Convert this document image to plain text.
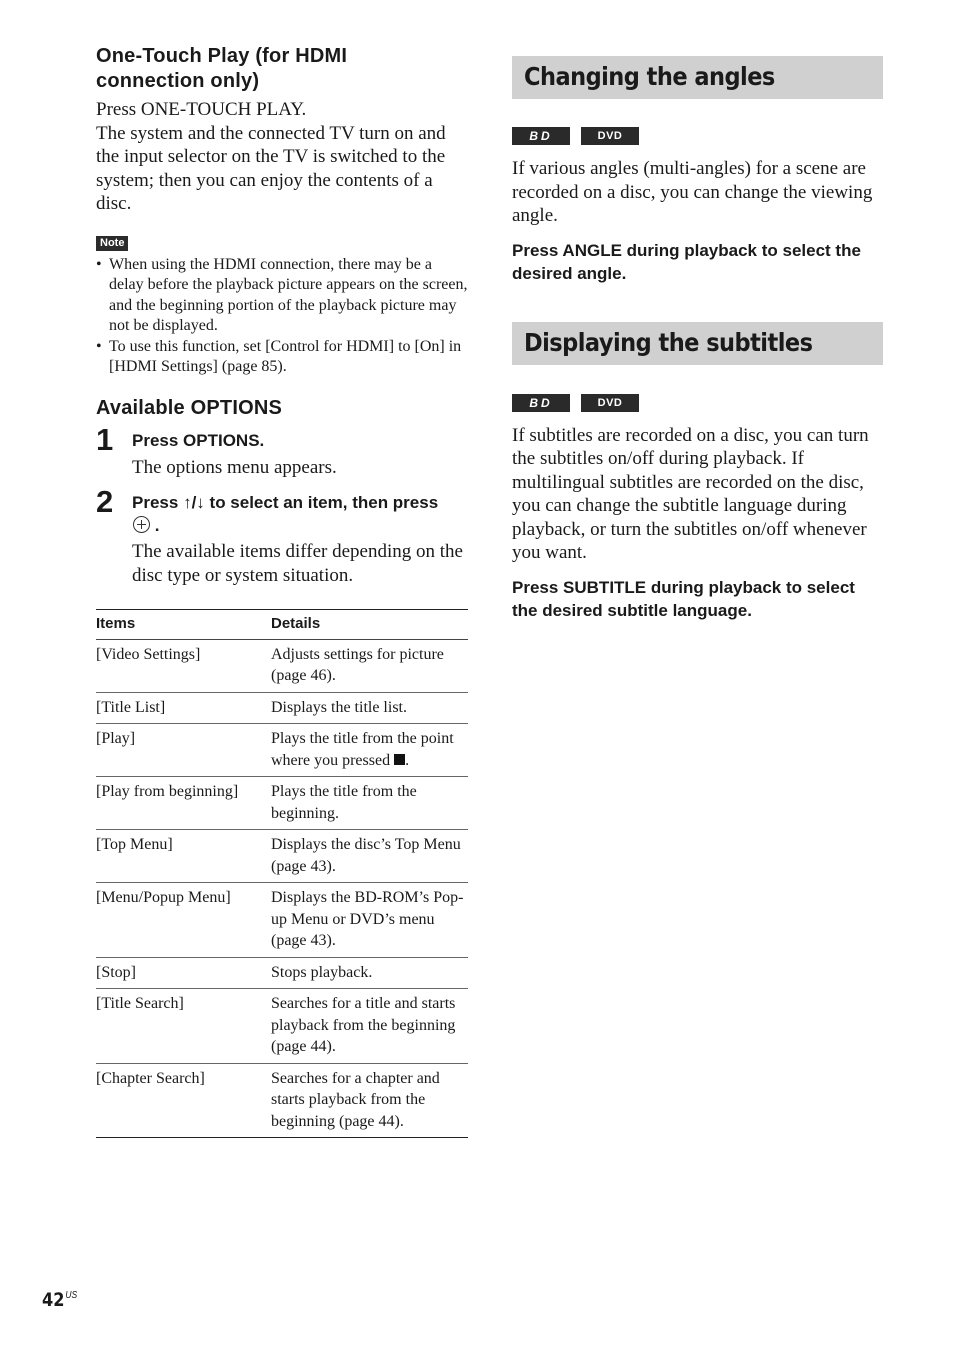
One-Touch Play (for HDMI
connection only)

Press ONE-TOUCH PLAY.

The system and the connected TV turn on and the input selector on the TV is switched to the system; then you can enjoy the contents of a disc.

Note
• When using the HDMI connection, there may be a delay before the playback picture appears on the screen, and the beginning portion of the playback picture may not be displayed.
• To use this function, set [Control for HDMI] to [On] in [HDMI Settings] (page 85).
Available OPTIONS
1 Press OPTIONS.
The options menu appears.
2 Press ↑/↓ to select an item, then press
.
The available items differ depending on the disc type or system situation.
Items	Details
[Video Settings]	Adjusts settings for picture (page 46).
[Title List]	Displays the title list.
[Play]	Plays the title from the point where you pressed .
[Play from beginning]	Plays the title from the beginning.
[Top Menu]	Displays the disc’s Top Menu (page 43).
[Menu/Popup Menu]	Displays the BD-ROM’s Pop-up Menu or DVD’s menu (page 43).
[Stop]	Stops playback.
[Title Search]	Searches for a title and starts playback from the beginning (page 44).
[Chapter Search]	Searches for a chapter and starts playback from the beginning (page 44).
Changing the angles
BD	DVD

If various angles (multi-angles) for a scene are recorded on a disc, you can change the viewing angle.

Press ANGLE during playback to select the desired angle.

Displaying the subtitles
BD	DVD

If subtitles are recorded on a disc, you can turn the subtitles on/off during playback. If multilingual subtitles are recorded on the disc, you can change the subtitle language during playback, or turn the subtitles on/off whenever you want.

Press SUBTITLE during playback to select the desired subtitle language.

$42^{US}$
